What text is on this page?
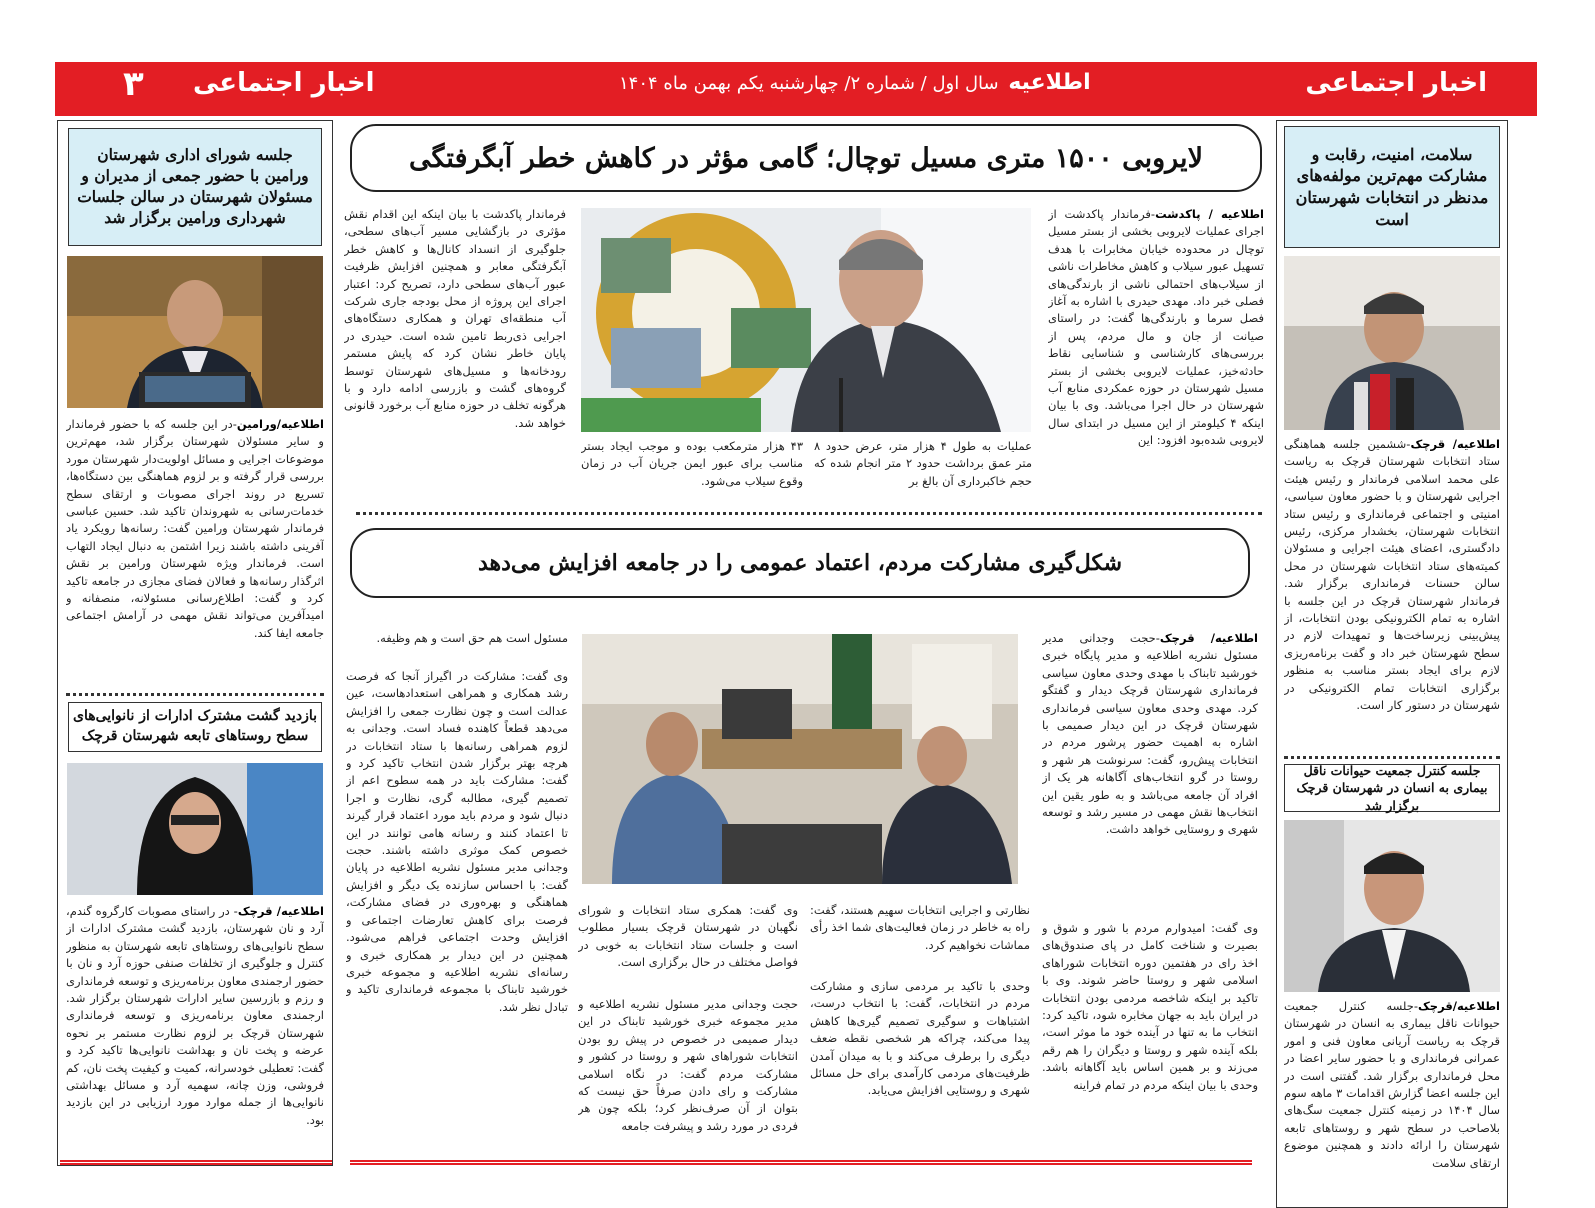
۳ اخبار اجتماعی	اطلاعیه سال اول / شماره ۲/ چهارشنبه یکم بهمن ماه ۱۴۰۴	اخبار اجتماعی
جلسه شورای اداری شهرستان ورامین با حضور جمعی از مدیران و مسئولان شهرستان در سالن جلسات شهرداری ورامین برگزار شد
اطلاعیه/ورامین-در این جلسه که با حضور فرماندار و سایر مسئولان شهرستان برگزار شد، مهم‌ترین موضوعات اجرایی و مسائل اولویت‌دار شهرستان مورد بررسی قرار گرفته و بر لزوم هماهنگی بین دستگاه‌ها، تسریع در روند اجرای مصوبات و ارتقای سطح خدمات‌رسانی به شهروندان تاکید شد. حسین عباسی فرماندار شهرستان ورامین گفت: رسانه‌ها رویکرد یاد آفرینی داشته باشند زیرا اشتمن به دنبال ایجاد التهاب است. فرماندار ویژه شهرستان ورامین بر نقش اثرگذار رسانه‌ها و فعالان فضای مجازی در جامعه تاکید کرد و گفت: اطلاع‌رسانی مسئولانه، منصفانه و امیدآفرین می‌تواند نقش مهمی در آرامش اجتماعی جامعه ایفا کند.
بازدید گشت مشترک ادارات از نانوایی‌های سطح روستاهای تابعه شهرستان قرچک
اطلاعیه/ قرچک- در راستای مصوبات کارگروه گندم، آرد و نان شهرستان، بازدید گشت مشترک ادارات از سطح نانوایی‌های روستاهای تابعه شهرستان به منظور کنترل و جلوگیری از تخلفات صنفی حوزه آرد و نان با حضور ارجمندی معاون برنامه‌ریزی و توسعه فرمانداری و رزم و بازرسین سایر ادارات شهرستان برگزار شد. ارجمندی معاون برنامه‌ریزی و توسعه فرمانداری شهرستان قرچک بر لزوم نظارت مستمر بر نحوه عرضه و پخت نان و بهداشت نانوایی‌ها تاکید کرد و گفت: تعطیلی خودسرانه، کمیت و کیفیت پخت نان، کم فروشی، وزن چانه، سهمیه آرد و مسائل بهداشتی نانوایی‌ها از جمله موارد مورد ارزیابی در این بازدید بود.
سلامت، امنیت، رقابت و مشارکت مهم‌ترین مولفه‌های مدنظر در انتخابات شهرستان است
اطلاعیه/ قرچک-ششمین جلسه هماهنگی ستاد انتخابات شهرستان قرچک به ریاست علی محمد اسلامی فرماندار و رئیس هیئت اجرایی شهرستان و با حضور معاون سیاسی، امنیتی و اجتماعی فرمانداری و رئیس ستاد انتخابات شهرستان، بخشدار مرکزی، رئیس دادگستری، اعضای هیئت اجرایی و مسئولان کمیته‌های ستاد انتخابات شهرستان در محل سالن حسنات فرمانداری برگزار شد. فرماندار شهرستان قرچک در این جلسه با اشاره به تمام الکترونیکی بودن انتخابات، از پیش‌بینی زیرساخت‌ها و تمهیدات لازم در سطح شهرستان خبر داد و گفت برنامه‌ریزی لازم برای ایجاد بستر مناسب به منظور برگزاری انتخابات تمام الکترونیکی در شهرستان در دستور کار است.
جلسه کنترل جمعیت حیوانات ناقل بیماری به انسان در شهرستان قرچک برگزار شد
اطلاعیه/قرچک-جلسه کنترل جمعیت حیوانات ناقل بیماری به انسان در شهرستان قرچک به ریاست آریانی معاون فنی و امور عمرانی فرمانداری و با حضور سایر اعضا در محل فرمانداری برگزار شد. گفتنی است در این جلسه اعضا گزارش اقدامات ۳ ماهه سوم سال ۱۴۰۴ در زمینه کنترل جمعیت سگ‌های بلاصاحب در سطح شهر و روستاهای تابعه شهرستان را ارائه دادند و همچنین موضوع ارتقای سلامت
لایروبی ۱۵۰۰ متری مسیل توچال؛ گامی مؤثر در کاهش خطر آبگرفتگی
اطلاعیه / پاکدشت-فرماندار پاکدشت از اجرای عملیات لایروبی بخشی از بستر مسیل توچال در محدوده خیابان مخابرات با هدف تسهیل عبور سیلاب و کاهش مخاطرات ناشی از سیلاب‌های احتمالی ناشی از بارندگی‌های فصلی خبر داد. مهدی حیدری با اشاره به آغاز فصل سرما و بارندگی‌ها گفت: در راستای صیانت از جان و مال مردم، پس از بررسی‌های کارشناسی و شناسایی نقاط حادثه‌خیز، عملیات لایروبی بخشی از بستر مسیل شهرستان در حوزه عمکردی منابع آب شهرستان در حال اجرا می‌باشد. وی با بیان اینکه ۴ کیلومتر از این مسیل در ابتدای سال لایروبی شده‌بود افزود: این
عملیات به طول ۴ هزار متر، عرض حدود ۸ متر عمق برداشت حدود ۲ متر انجام شده که حجم خاکبرداری آن بالغ بر
۴۳ هزار مترمکعب بوده و موجب ایجاد بستر مناسب برای عبور ایمن جریان آب در زمان وقوع سیلاب می‌شود.
فرماندار پاکدشت با بیان اینکه این اقدام نقش مؤثری در بازگشایی مسیر آب‌های سطحی، جلوگیری از انسداد کانال‌ها و کاهش خطر آبگرفتگی معابر و همچنین افزایش ظرفیت عبور آب‌های سطحی دارد، تصریح کرد: اعتبار اجرای این پروژه از محل بودجه جاری شرکت آب منطقه‌ای تهران و همکاری دستگاه‌های اجرایی ذی‌ربط تامین شده است. حیدری در پایان خاطر نشان کرد که پایش مستمر رودخانه‌ها و مسیل‌های شهرستان توسط گروه‌های گشت و بازرسی ادامه دارد و با هرگونه تخلف در حوزه منابع آب برخورد قانونی خواهد شد.
شکل‌گیری مشارکت مردم، اعتماد عمومی را در جامعه افزایش می‌دهد
اطلاعیه/ قرچک-حجت وجدانی مدیر مسئول نشریه اطلاعیه و مدیر پایگاه خبری خورشید تابناک با مهدی وحدی معاون سیاسی فرمانداری شهرستان قرچک دیدار و گفتگو کرد. مهدی وحدی معاون سیاسی فرمانداری شهرستان قرچک در این دیدار صمیمی با اشاره به اهمیت حضور پرشور مردم در انتخابات پیش‌رو، گفت: سرنوشت هر شهر و روستا در گرو انتخاب‌های آگاهانه هر یک از افراد آن جامعه می‌باشد و به طور یقین این انتخاب‌ها نقش مهمی در مسیر رشد و توسعه شهری و روستایی خواهد داشت.
وی گفت: امیدوارم مردم با شور و شوق و بصیرت و شناخت کامل در پای صندوق‌های اخذ رای در هفتمین دوره انتخابات شوراهای اسلامی شهر و روستا حاضر شوند. وی با تاکید بر اینکه شاخصه مردمی بودن انتخابات در ایران باید به جهان مخابره شود، تاکید کرد: انتخاب ما به تنها در آینده خود ما موثر است، بلکه آینده شهر و روستا و دیگران را هم رقم می‌زند و بر همین اساس باید آگاهانه باشد. وحدی با بیان اینکه مردم در تمام فراینه
نظارتی و اجرایی انتخابات سهیم هستند، گفت: راه به خاطر در زمان فعالیت‌های شما اخذ رأی مماشات نخواهیم کرد.
وحدی با تاکید بر مردمی سازی و مشارکت مردم در انتخابات، گفت: با انتخاب درست، اشتباهات و سوگیری تصمیم گیری‌ها کاهش پیدا می‌کند، چراکه هر شخصی نقطه ضعف دیگری را برطرف می‌کند و با به میدان آمدن ظرفیت‌های مردمی کارآمدی برای حل مسائل شهری و روستایی افزایش می‌یابد.
وی گفت: همکری ستاد انتخابات و شورای نگهبان در شهرستان قرچک بسیار مطلوب است و جلسات ستاد انتخابات به خوبی در فواصل مختلف در حال برگزاری است.
حجت وجدانی مدیر مسئول نشریه اطلاعیه و مدیر مجموعه خبری خورشید تابناک در این دیدار صمیمی در خصوص در پیش رو بودن انتخابات شوراهای شهر و روستا در کشور و مشارکت مردم گفت: در نگاه اسلامی مشارکت و رای دادن صرفاً حق نیست که بتوان از آن صرف‌نظر کرد؛ بلکه چون هر فردی در مورد رشد و پیشرفت جامعه
مسئول است هم حق است و هم وظیفه.
وی گفت: مشارکت در اگیراز آنجا که فرصت رشد همکاری و همراهی استعدادهاست، عین عدالت است و چون نظارت جمعی را افزایش می‌دهد قطعاً کاهنده فساد است. وجدانی به لزوم همراهی رسانه‌ها با ستاد انتخابات در هرچه بهتر برگزار شدن انتخاب تاکید کرد و گفت: مشارکت باید در همه سطوح اعم از تصمیم گیری، مطالبه گری، نظارت و اجرا دنبال شود و مردم باید مورد اعتماد قرار گیرند تا اعتماد کنند و رسانه هامی توانند در این خصوص کمک موثری داشته باشند. حجت وجدانی مدیر مسئول نشریه اطلاعیه در پایان گفت: با احساس سازنده یک دیگر و افزایش هماهنگی و بهره‌وری در فضای مشارکت، فرصت برای کاهش تعارضات اجتماعی و افزایش وحدت اجتماعی فراهم می‌شود. همچنین در این دیدار بر همکاری خبری و رسانه‌ای نشریه اطلاعیه و مجموعه خبری خورشید تابناک با مجموعه فرمانداری تاکید و تبادل نظر شد.
